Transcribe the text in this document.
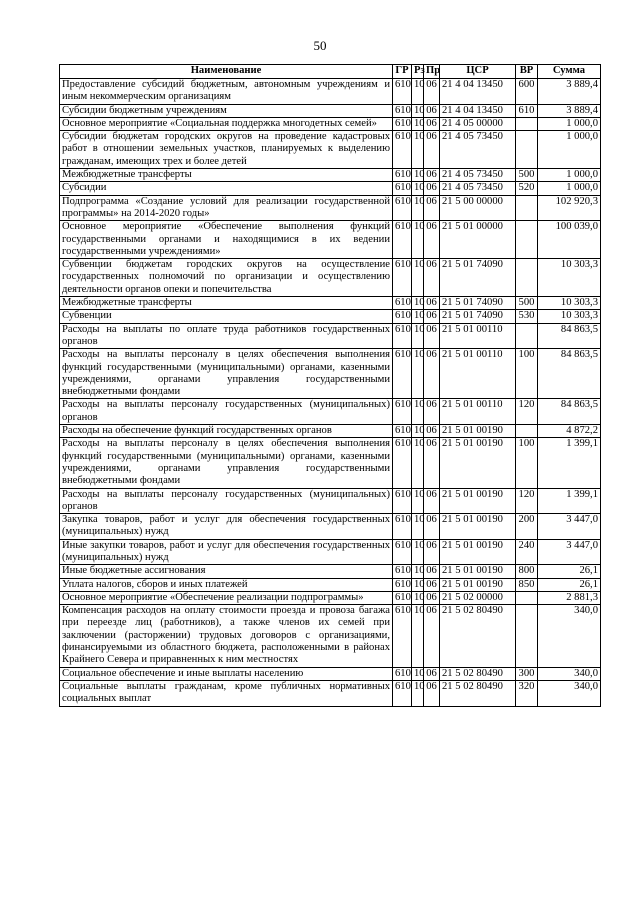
50
Наименование	ГР	Рз	Пр	ЦСР	ВР	Сумма
Предоставление субсидий бюджетным, автономным учреждениям и иным некоммерческим организациям	610	10	06	21 4 04 13450	600	3 889,4
Субсидии бюджетным учреждениям	610	10	06	21 4 04 13450	610	3 889,4
Основное мероприятие «Социальная поддержка многодетных семей»	610	10	06	21 4 05 00000		1 000,0
Субсидии бюджетам городских округов на проведение кадастровых работ в отношении земельных участков, планируемых к выделению гражданам, имеющих трех и более детей	610	10	06	21 4 05 73450		1 000,0
Межбюджетные трансферты	610	10	06	21 4 05 73450	500	1 000,0
Субсидии	610	10	06	21 4 05 73450	520	1 000,0
Подпрограмма «Создание условий для реализации государственной программы» на 2014-2020 годы»	610	10	06	21 5 00 00000		102 920,3
Основное мероприятие «Обеспечение выполнения функций государственными органами и находящимися в их ведении государственными учреждениями»	610	10	06	21 5 01 00000		100 039,0
Субвенции бюджетам городских округов на осуществление государственных полномочий по организации и осуществлению деятельности органов опеки и попечительства	610	10	06	21 5 01 74090		10 303,3
Межбюджетные трансферты	610	10	06	21 5 01 74090	500	10 303,3
Субвенции	610	10	06	21 5 01 74090	530	10 303,3
Расходы на выплаты по оплате труда работников государственных органов	610	10	06	21 5 01 00110		84 863,5
Расходы на выплаты персоналу в целях обеспечения выполнения функций государственными (муниципальными) органами, казенными учреждениями, органами управления государственными внебюджетными фондами	610	10	06	21 5 01 00110	100	84 863,5
Расходы на выплаты персоналу государственных (муниципальных) органов	610	10	06	21 5 01 00110	120	84 863,5
Расходы на обеспечение функций государственных органов	610	10	06	21 5 01 00190		4 872,2
Расходы на выплаты персоналу в целях обеспечения выполнения функций государственными (муниципальными) органами, казенными учреждениями, органами управления государственными внебюджетными фондами	610	10	06	21 5 01 00190	100	1 399,1
Расходы на выплаты персоналу государственных (муниципальных) органов	610	10	06	21 5 01 00190	120	1 399,1
Закупка товаров, работ и услуг для обеспечения государственных (муниципальных) нужд	610	10	06	21 5 01 00190	200	3 447,0
Иные закупки товаров, работ и услуг для обеспечения государственных (муниципальных) нужд	610	10	06	21 5 01 00190	240	3 447,0
Иные бюджетные ассигнования	610	10	06	21 5 01 00190	800	26,1
Уплата налогов, сборов и иных платежей	610	10	06	21 5 01 00190	850	26,1
Основное мероприятие «Обеспечение реализации подпрограммы»	610	10	06	21 5 02 00000		2 881,3
Компенсация расходов на оплату стоимости проезда и провоза багажа при переезде лиц (работников), а также членов их семей при заключении (расторжении) трудовых договоров с организациями, финансируемыми из областного бюджета, расположенными в районах Крайнего Севера и приравненных к ним местностях	610	10	06	21 5 02 80490		340,0
Социальное обеспечение и иные выплаты населению	610	10	06	21 5 02 80490	300	340,0
Социальные выплаты гражданам, кроме публичных нормативных социальных выплат	610	10	06	21 5 02 80490	320	340,0
